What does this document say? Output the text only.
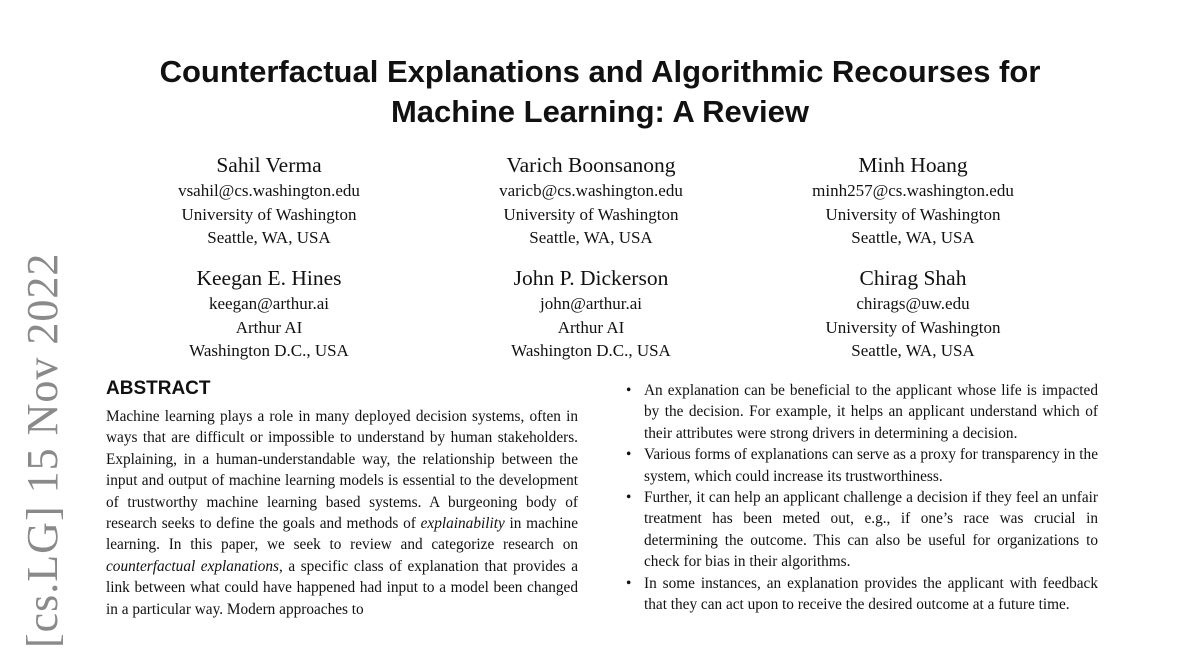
[cs.LG] 15 Nov 2022
Counterfactual Explanations and Algorithmic Recourses for Machine Learning: A Review
Sahil Verma
vsahil@cs.washington.edu
University of Washington
Seattle, WA, USA
Varich Boonsanong
varicb@cs.washington.edu
University of Washington
Seattle, WA, USA
Minh Hoang
minh257@cs.washington.edu
University of Washington
Seattle, WA, USA
Keegan E. Hines
keegan@arthur.ai
Arthur AI
Washington D.C., USA
John P. Dickerson
john@arthur.ai
Arthur AI
Washington D.C., USA
Chirag Shah
chirags@uw.edu
University of Washington
Seattle, WA, USA
ABSTRACT

Machine learning plays a role in many deployed decision systems, often in ways that are difficult or impossible to understand by human stakeholders. Explaining, in a human-understandable way, the relationship between the input and output of machine learning models is essential to the development of trustworthy machine learning based systems. A burgeoning body of research seeks to define the goals and methods of explainability in machine learning. In this paper, we seek to review and categorize research on counterfactual explanations, a specific class of explanation that provides a link between what could have happened had input to a model been changed in a particular way. Modern approaches to

• An explanation can be beneficial to the applicant whose life is impacted by the decision. For example, it helps an applicant understand which of their attributes were strong drivers in determining a decision.
• Various forms of explanations can serve as a proxy for transparency in the system, which could increase its trustworthiness.
• Further, it can help an applicant challenge a decision if they feel an unfair treatment has been meted out, e.g., if one’s race was crucial in determining the outcome. This can also be useful for organizations to check for bias in their algorithms.
• In some instances, an explanation provides the applicant with feedback that they can act upon to receive the desired outcome at a future time.
